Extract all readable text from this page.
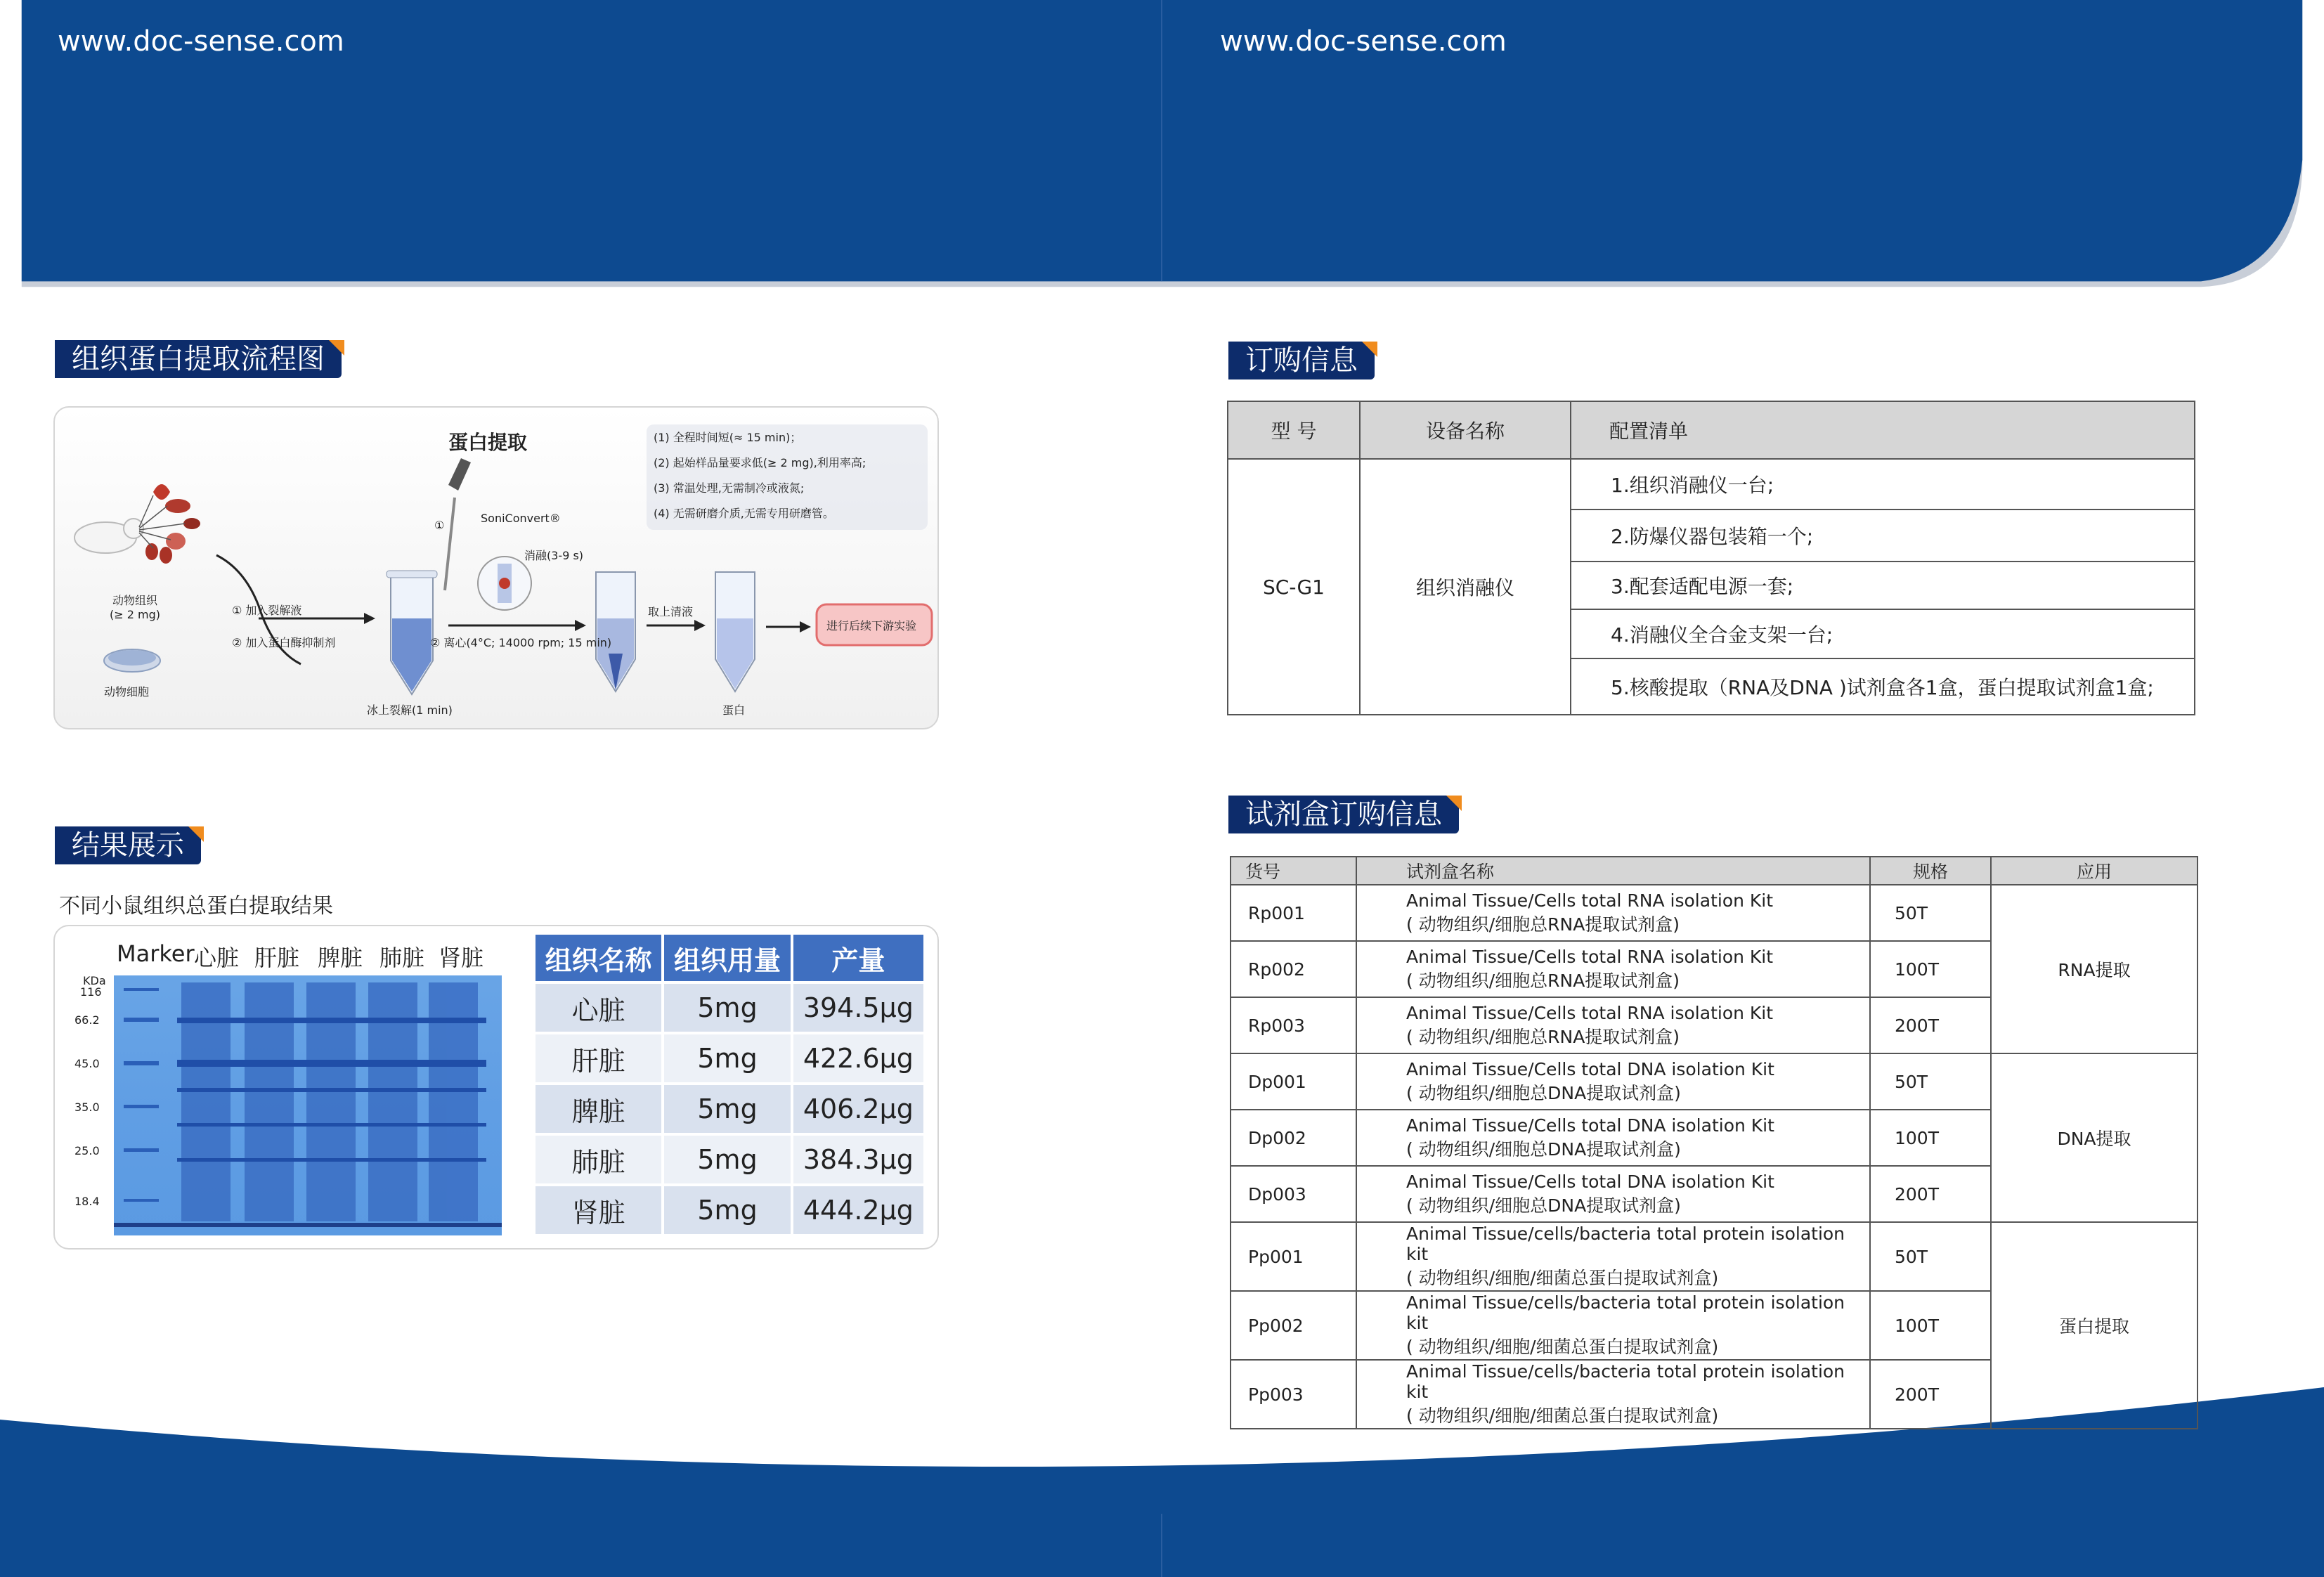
www.doc-sense.com	www.doc-sense.com
组织蛋白提取流程图
蛋白提取	(1) 全程时间短(≈ 15 min)；
(2) 起始样品量要求低(≥ 2 mg),利用率高;
(3) 常温处理,无需制冷或液氮;
(4) 无需研磨介质,无需专用研磨管。
动物组织
(≥ 2 mg)
动物细胞
① 加入裂解液
② 加入蛋白酶抑制剂
冰上裂解(1 min)
①
SoniConvert®
消融(3-9 s)
② 离心(4°C; 14000 rpm; 15 min)
取上清液
蛋白
进行后续下游实验
结果展示
不同小鼠组织总蛋白提取结果
Marker 心脏 肝脏 脾脏 肺脏 肾脏
KDa
116
66.2
45.0
35.0
25.0
18.4
组织名称	组织用量	产量
心脏	5mg	394.5μg
肝脏	5mg	422.6μg
脾脏	5mg	406.2μg
肺脏	5mg	384.3μg
肾脏	5mg	444.2μg
订购信息
型 号	设备名称	配置清单
SC-G1	组织消融仪	1.组织消融仪一台;
		2.防爆仪器包装箱一个;
		3.配套适配电源一套;
		4.消融仪全合金支架一台;
		5.核酸提取（RNA及DNA )试剂盒各1盒，蛋白提取试剂盒1盒;
试剂盒订购信息
货号	试剂盒名称	规格	应用
Rp001	Animal Tissue/Cells total RNA isolation Kit
( 动物组织/细胞总RNA提取试剂盒)	50T	RNA提取
Rp002	Animal Tissue/Cells total RNA isolation Kit
( 动物组织/细胞总RNA提取试剂盒)	100T	
Rp003	Animal Tissue/Cells total RNA isolation Kit
( 动物组织/细胞总RNA提取试剂盒)	200T	
Dp001	Animal Tissue/Cells total DNA isolation Kit
( 动物组织/细胞总DNA提取试剂盒)	50T	DNA提取
Dp002	Animal Tissue/Cells total DNA isolation Kit
( 动物组织/细胞总DNA提取试剂盒)	100T	
Dp003	Animal Tissue/Cells total DNA isolation Kit
( 动物组织/细胞总DNA提取试剂盒)	200T	
Pp001	Animal Tissue/cells/bacteria total protein isolation kit
( 动物组织/细胞/细菌总蛋白提取试剂盒)	50T	蛋白提取
Pp002	Animal Tissue/cells/bacteria total protein isolation kit
( 动物组织/细胞/细菌总蛋白提取试剂盒)	100T	
Pp003	Animal Tissue/cells/bacteria total protein isolation kit
( 动物组织/细胞/细菌总蛋白提取试剂盒)	200T	
